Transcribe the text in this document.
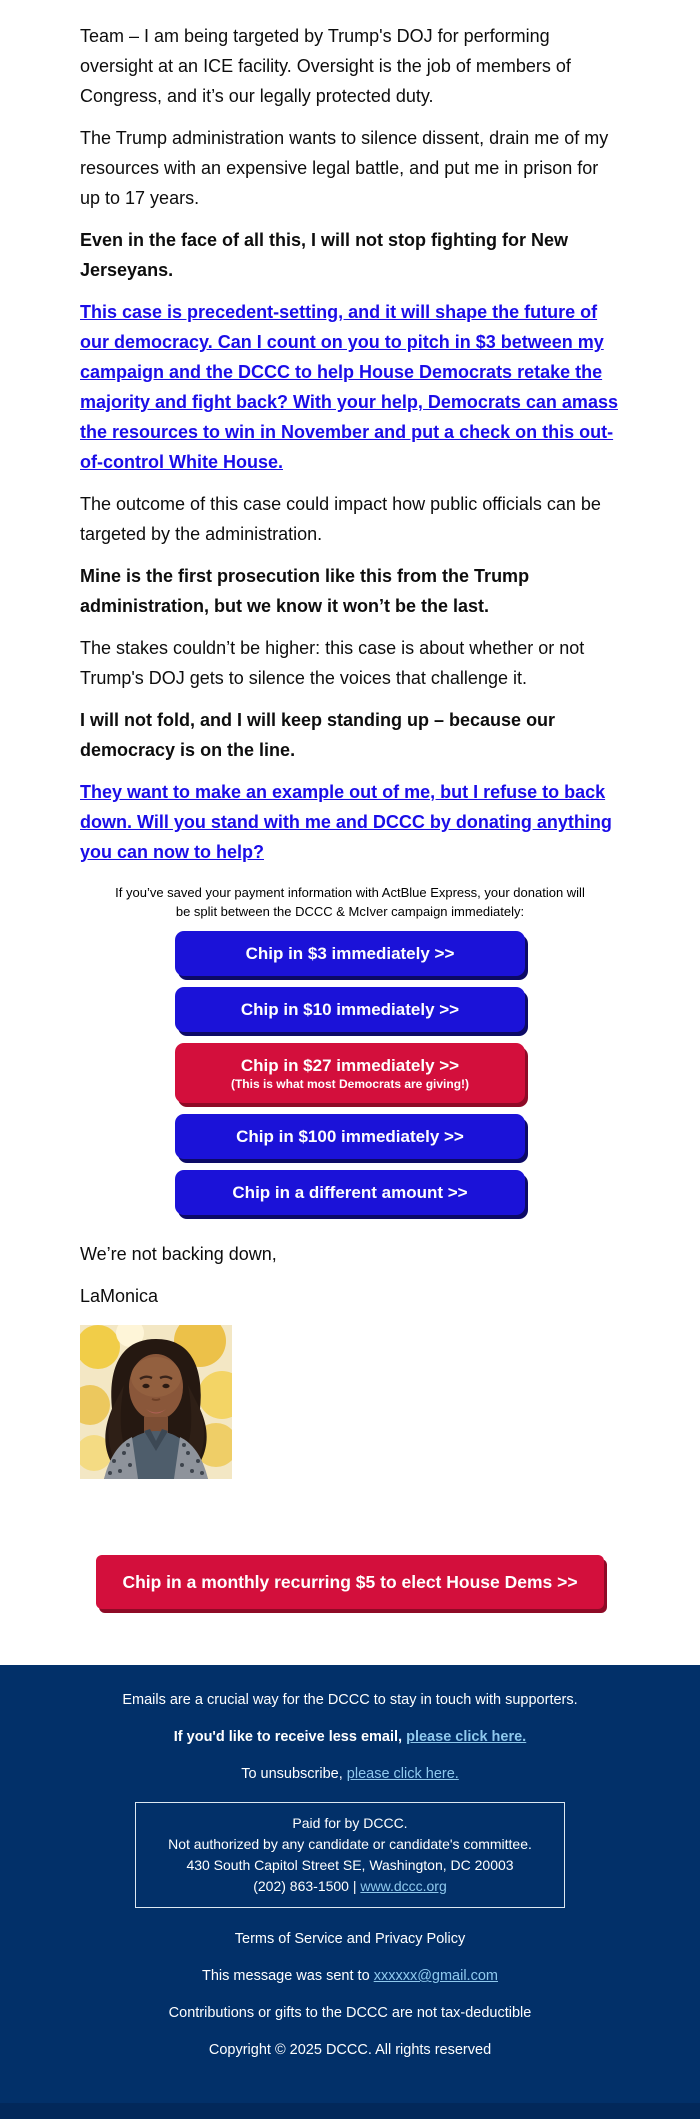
Team – I am being targeted by Trump's DOJ for performing oversight at an ICE facility. Oversight is the job of members of Congress, and it’s our legally protected duty.

The Trump administration wants to silence dissent, drain me of my resources with an expensive legal battle, and put me in prison for up to 17 years.

Even in the face of all this, I will not stop fighting for New Jerseyans.

This case is precedent-setting, and it will shape the future of our democracy. Can I count on you to pitch in $3 between my campaign and the DCCC to help House Democrats retake the majority and fight back? With your help, Democrats can amass the resources to win in November and put a check on this out-of-control White House.

The outcome of this case could impact how public officials can be targeted by the administration.

Mine is the first prosecution like this from the Trump administration, but we know it won’t be the last.

The stakes couldn’t be higher: this case is about whether or not Trump's DOJ gets to silence the voices that challenge it.

I will not fold, and I will keep standing up – because our democracy is on the line.

They want to make an example out of me, but I refuse to back down. Will you stand with me and DCCC by donating anything you can now to help?

If you’ve saved your payment information with ActBlue Express, your donation will be split between the DCCC & McIver campaign immediately:

Chip in $3 immediately >>
Chip in $10 immediately >>
Chip in $27 immediately >>
(This is what most Democrats are giving!)
Chip in $100 immediately >>
Chip in a different amount >>

We’re not backing down,

LaMonica

Chip in a monthly recurring $5 to elect House Dems >>

Emails are a crucial way for the DCCC to stay in touch with supporters.

If you'd like to receive less email, please click here.

To unsubscribe, please click here.

Paid for by DCCC.

Not authorized by any candidate or candidate's committee.

430 South Capitol Street SE, Washington, DC 20003

(202) 863-1500 | www.dccc.org

Terms of Service and Privacy Policy

This message was sent to xxxxxx@gmail.com

Contributions or gifts to the DCCC are not tax-deductible

Copyright © 2025 DCCC. All rights reserved
